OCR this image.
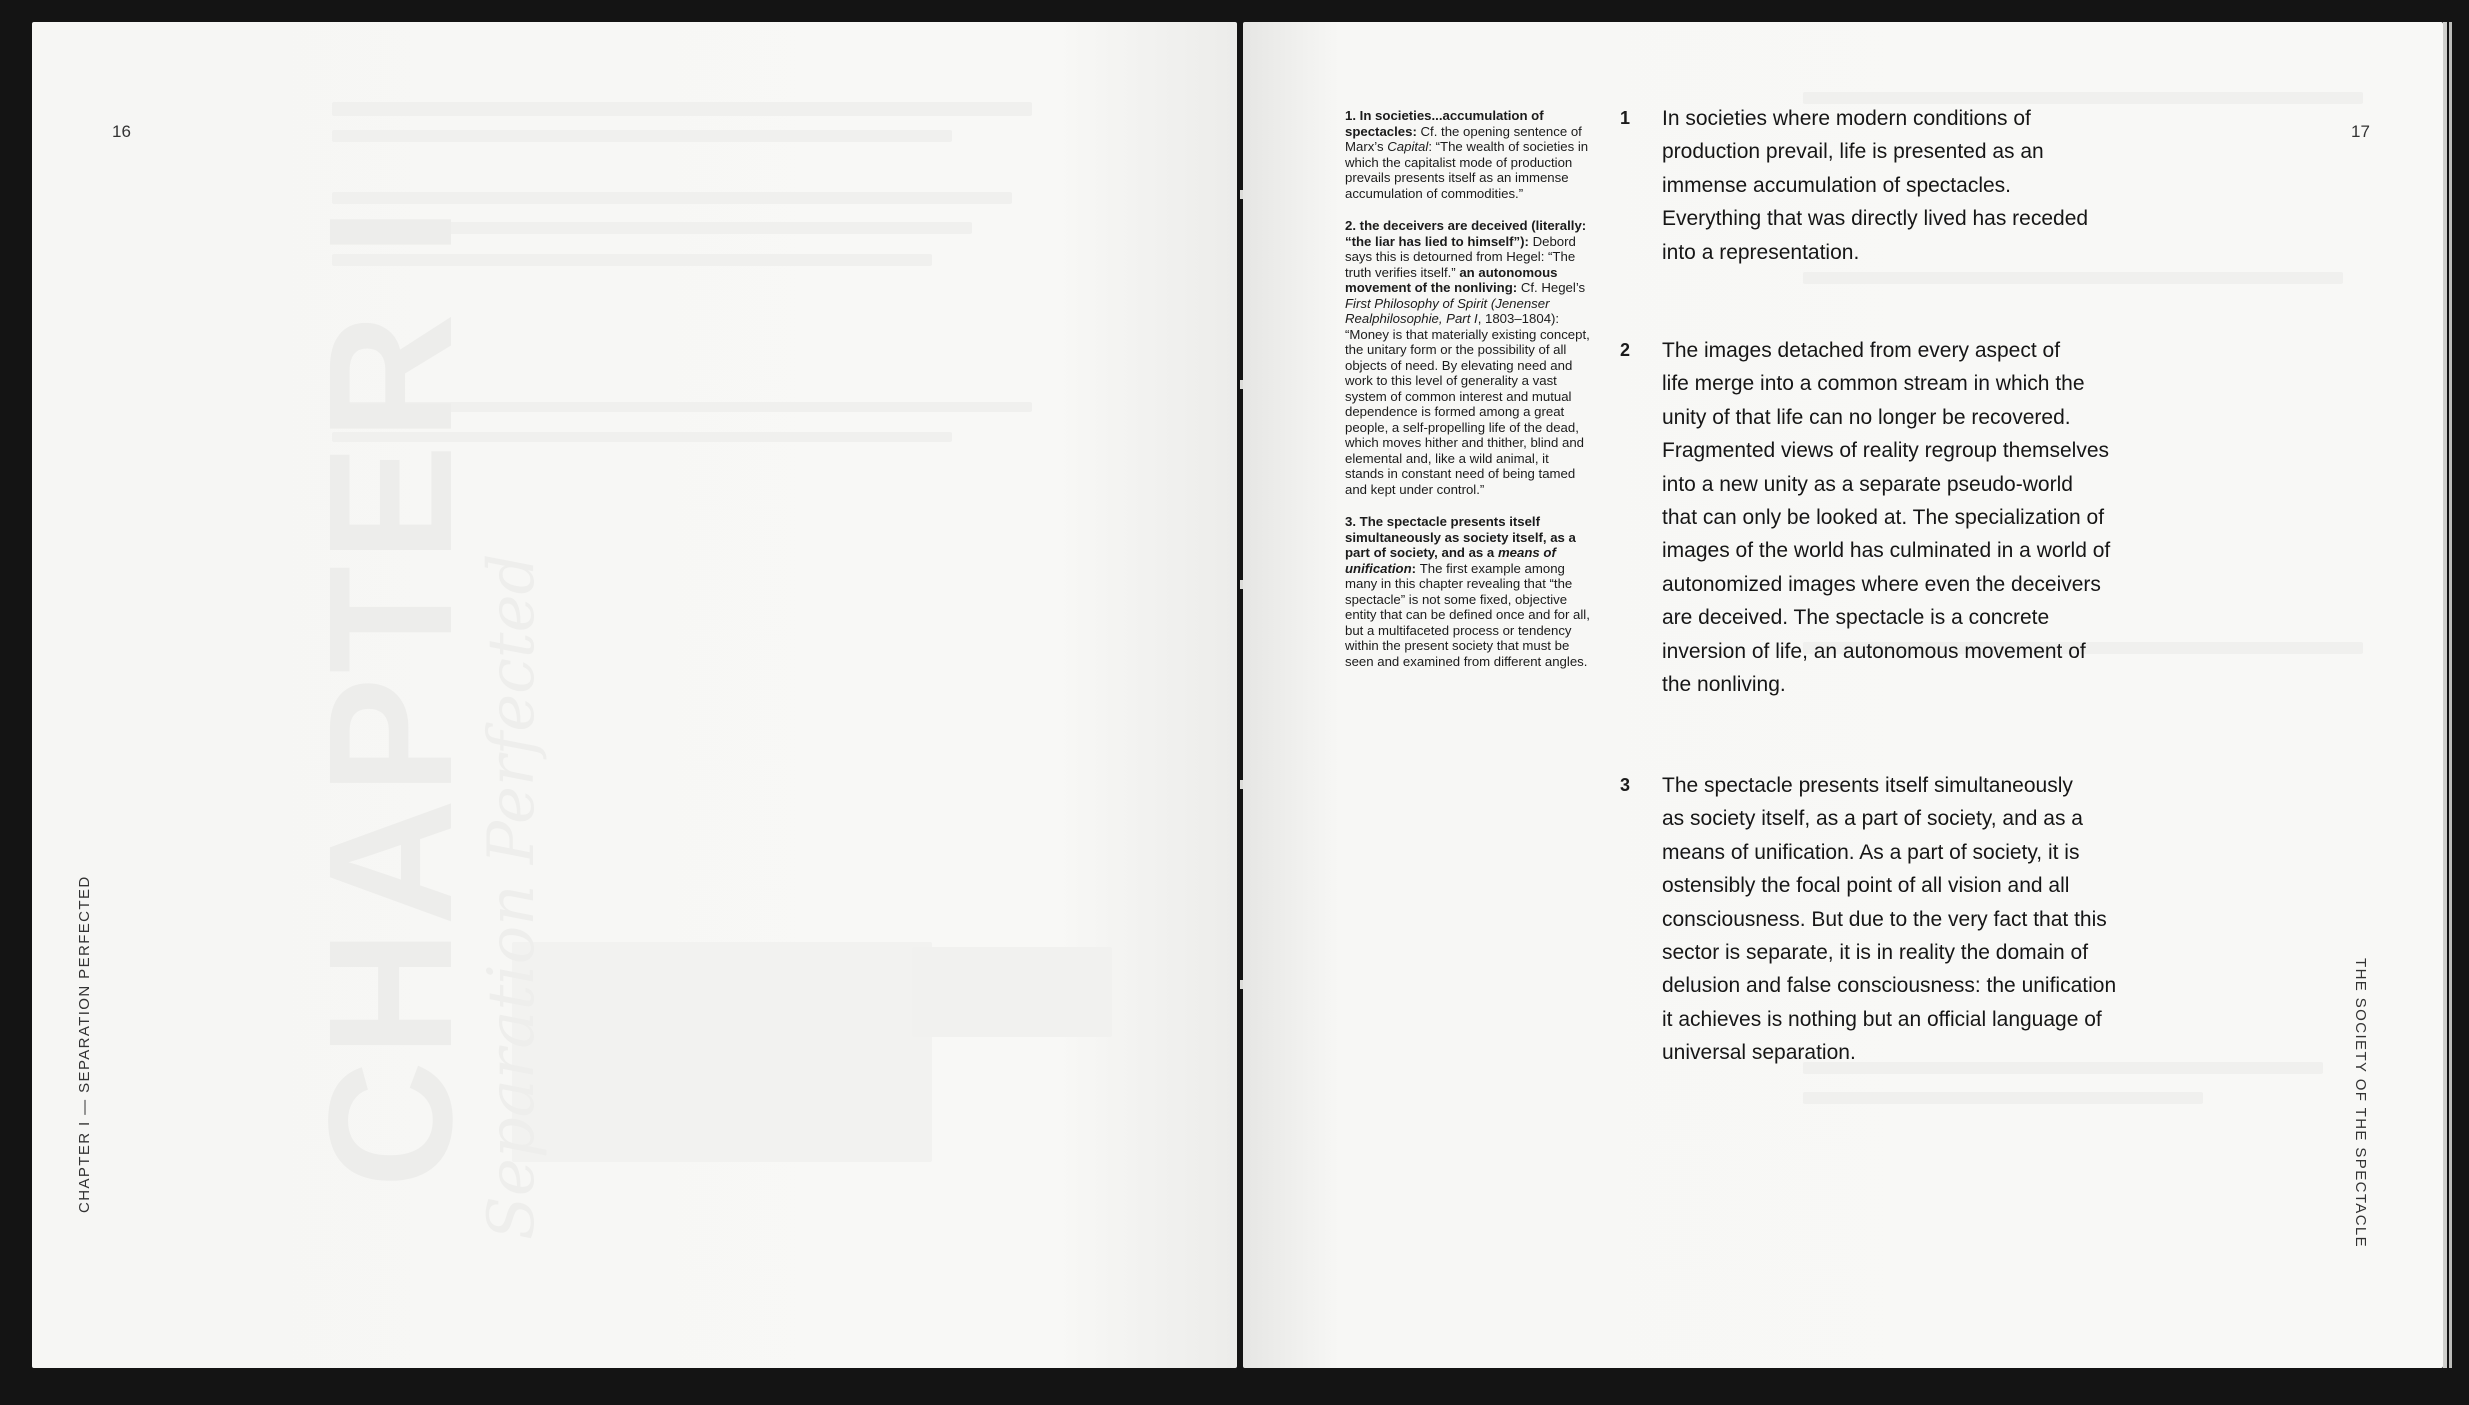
16
CHAPTER I
Separation Perfected
CHAPTER I — SEPARATION PERFECTED
17
THE SOCIETY OF THE SPECTACLE
1. In societies...accumulation of spectacles: Cf. the opening sentence of Marx’s Capital: “The wealth of societies in which the capitalist mode of production prevails presents itself as an immense accumulation of commodities.”
2. the deceivers are deceived (literally: “the liar has lied to himself”): Debord says this is detourned from Hegel: “The truth verifies itself.” an autonomous movement of the nonliving: Cf. Hegel’s First Philosophy of Spirit (Jenenser Realphilosophie, Part I, 1803–1804): “Money is that materially existing concept, the unitary form or the possibility of all objects of need. By elevating need and work to this level of generality a vast system of common interest and mutual dependence is formed among a great people, a self-propelling life of the dead, which moves hither and thither, blind and elemental and, like a wild animal, it stands in constant need of being tamed and kept under control.”
3. The spectacle presents itself simultaneously as society itself, as a part of society, and as a means of unification: The first example among many in this chapter revealing that “the spectacle” is not some fixed, objective entity that can be defined once and for all, but a multifaceted process or tendency within the present society that must be seen and examined from different angles.
1 In societies where modern conditions of
production prevail, life is presented as an
immense accumulation of spectacles.
Everything that was directly lived has receded
into a representation.
2 The images detached from every aspect of
life merge into a common stream in which the
unity of that life can no longer be recovered.
Fragmented views of reality regroup themselves
into a new unity as a separate pseudo-world
that can only be looked at. The specialization of
images of the world has culminated in a world of
autonomized images where even the deceivers
are deceived. The spectacle is a concrete
inversion of life, an autonomous movement of
the nonliving.
3 The spectacle presents itself simultaneously
as society itself, as a part of society, and as a
means of unification. As a part of society, it is
ostensibly the focal point of all vision and all
consciousness. But due to the very fact that this
sector is separate, it is in reality the domain of
delusion and false consciousness: the unification
it achieves is nothing but an official language of
universal separation.
